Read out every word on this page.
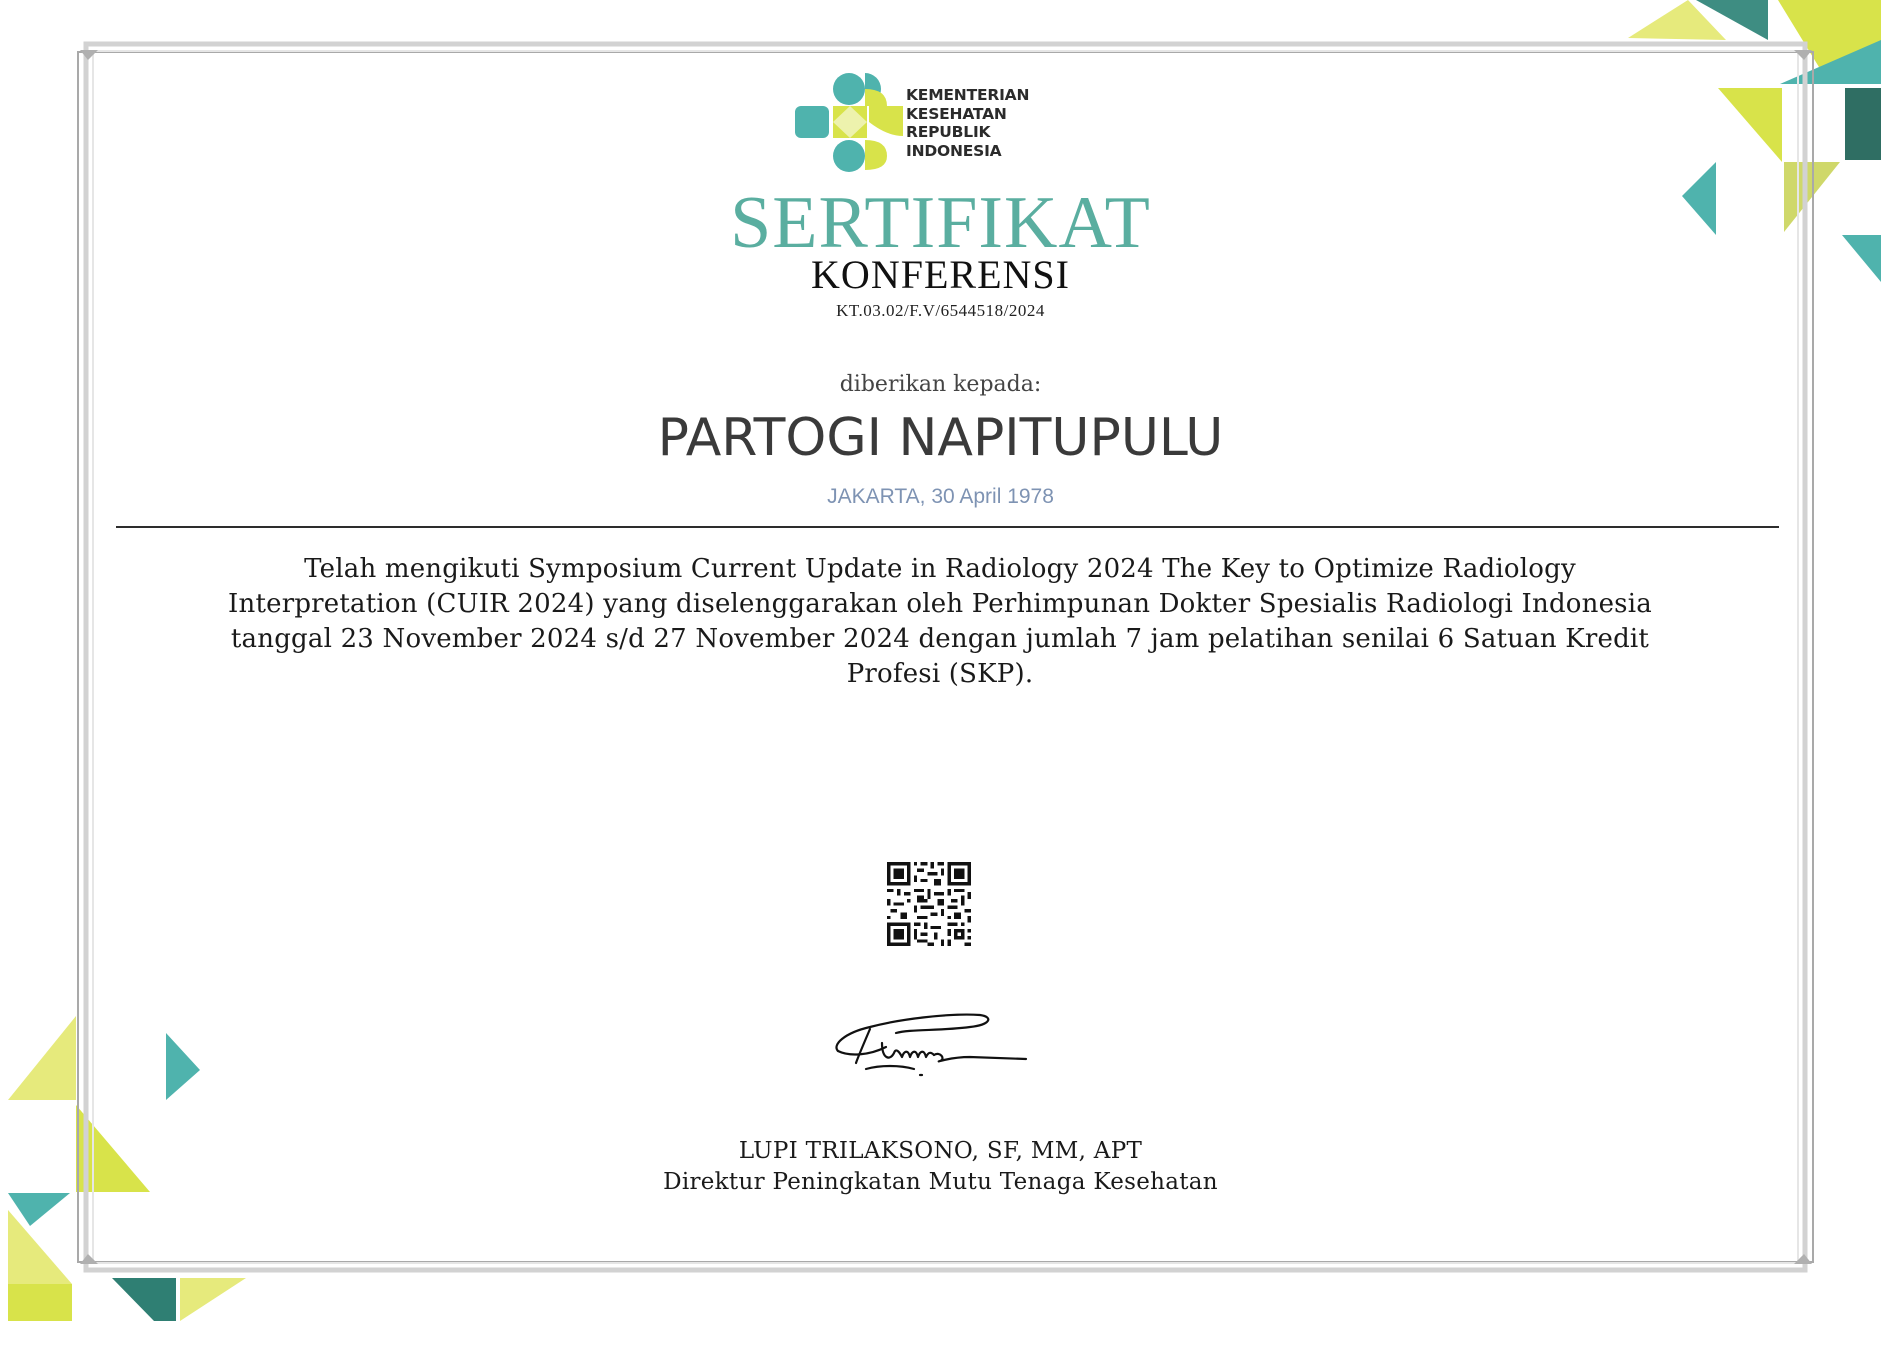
KEMENTERIAN
KESEHATAN
REPUBLIK
INDONESIA
SERTIFIKAT
KONFERENSI
KT.03.02/F.V/6544518/2024
diberikan kepada:
PARTOGI NAPITUPULU
JAKARTA, 30 April 1978
Telah mengikuti Symposium Current Update in Radiology 2024 The Key to Optimize Radiology Interpretation (CUIR 2024) yang diselenggarakan oleh Perhimpunan Dokter Spesialis Radiologi Indonesia tanggal 23 November 2024 s/d 27 November 2024 dengan jumlah 7 jam pelatihan senilai 6 Satuan Kredit Profesi (SKP).
LUPI TRILAKSONO, SF, MM, APT
Direktur Peningkatan Mutu Tenaga Kesehatan
